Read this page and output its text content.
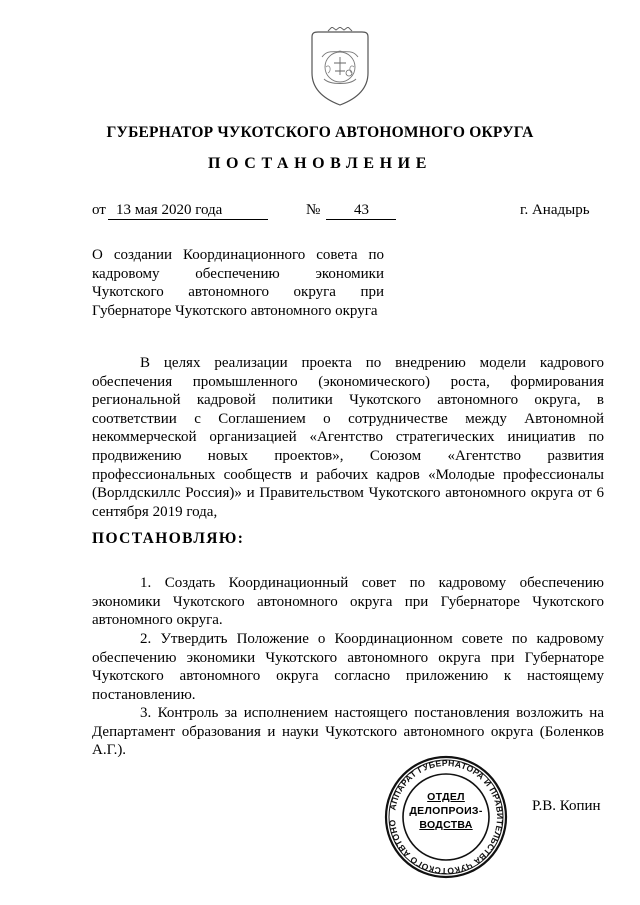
ГУБЕРНАТОР ЧУКОТСКОГО АВТОНОМНОГО ОКРУГА
ПОСТАНОВЛЕНИЕ
от 13 мая 2020 года	№ 43	г. Анадырь
О создании Координационного совета по кадровому обеспечению экономики Чукотского автономного округа при Губернаторе Чукотского автономного округа
В целях реализации проекта по внедрению модели кадрового обеспечения промышленного (экономического) роста, формирования региональной кадровой политики Чукотского автономного округа, в соответствии с Соглашением о сотрудничестве между Автономной некоммерческой организацией «Агентство стратегических инициатив по продвижению новых проектов», Союзом «Агентство развития профессиональных сообществ и рабочих кадров «Молодые профессионалы (Ворлдскиллс Россия)» и Правительством Чукотского автономного округа от 6 сентября 2019 года,
ПОСТАНОВЛЯЮ:
1. Создать Координационный совет по кадровому обеспечению экономики Чукотского автономного округа при Губернаторе Чукотского автономного округа.
2. Утвердить Положение о Координационном совете по кадровому обеспечению экономики Чукотского автономного округа при Губернаторе Чукотского автономного округа согласно приложению к настоящему постановлению.
3. Контроль за исполнением настоящего постановления возложить на Департамент образования и науки Чукотского автономного округа (Боленков А.Г.).
АППАРАТ ГУБЕРНАТОРА И ПРАВИТЕЛЬСТВА ЧУКОТСКОГО АВТОНО
ОТДЕЛ
ДЕЛОПРОИЗ-
ВОДСТВА
Р.В. Копин
